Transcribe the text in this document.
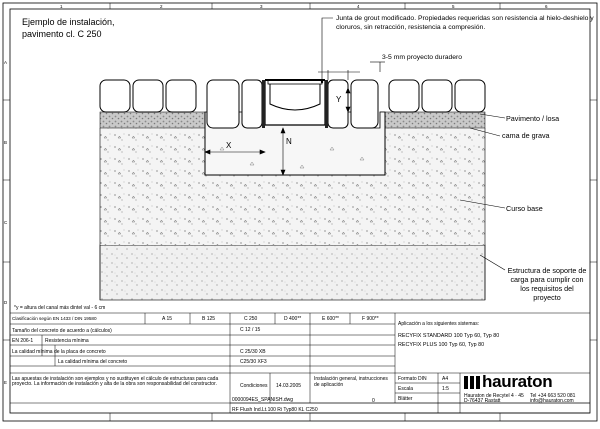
Ejemplo de instalación,
pavimento cl. C 250
Junta de grout modificado. Propiedades requeridas son resistencia al hielo-deshielo y cloruros, sin retracción, resistencia a compresión.
3-5 mm proyecto duradero
Pavimento / losa
cama de grava
Curso base
Estructura de soporte de carga para cumplir con los requisitos del proyecto
X	N
Y
*y = altura del canal más dintel val - 6 cm
A
B
C
D
E
1	2	3	4	5	6
Clasificación según EN 1433 / DIN 19580	A 15	B 125	C 250	D 400**	E 600**	F 900**
Tamaño del concreto de acuerdo a (cálculos)	C 12 / 15
EN 206-1 Resistencia mínima
La calidad mínima de la placa de concreto	C 25/30 XB
La calidad mínima del concreto	C25/30 XF3
Aplicación a los siguientes sistemas:
RECYFIX STANDARD 100 Typ 60, Typ 80
RECYFIX PLUS 100 Typ 60, Typ 80
Las apuestas de instalación son ejemplos y no sustituyen el cálculo de estructuras para cada proyecto. La información de instalación y alta de la obra son responsabilidad del constructor.	Condiciones 14.03.2005
Instalación general, instrucciones de aplicación
Formato DIN	A4
Escala	1:5
Blätter
0
0000094ES_SPANISH.dwg
RF Flush Ind.Lt.100 Ri Typ80 KL C250
hauraton
Hauraton de Recytel 4 · 45
D-76437 Rastatt
Tel +34 663 520 081
info@hauraton.com
